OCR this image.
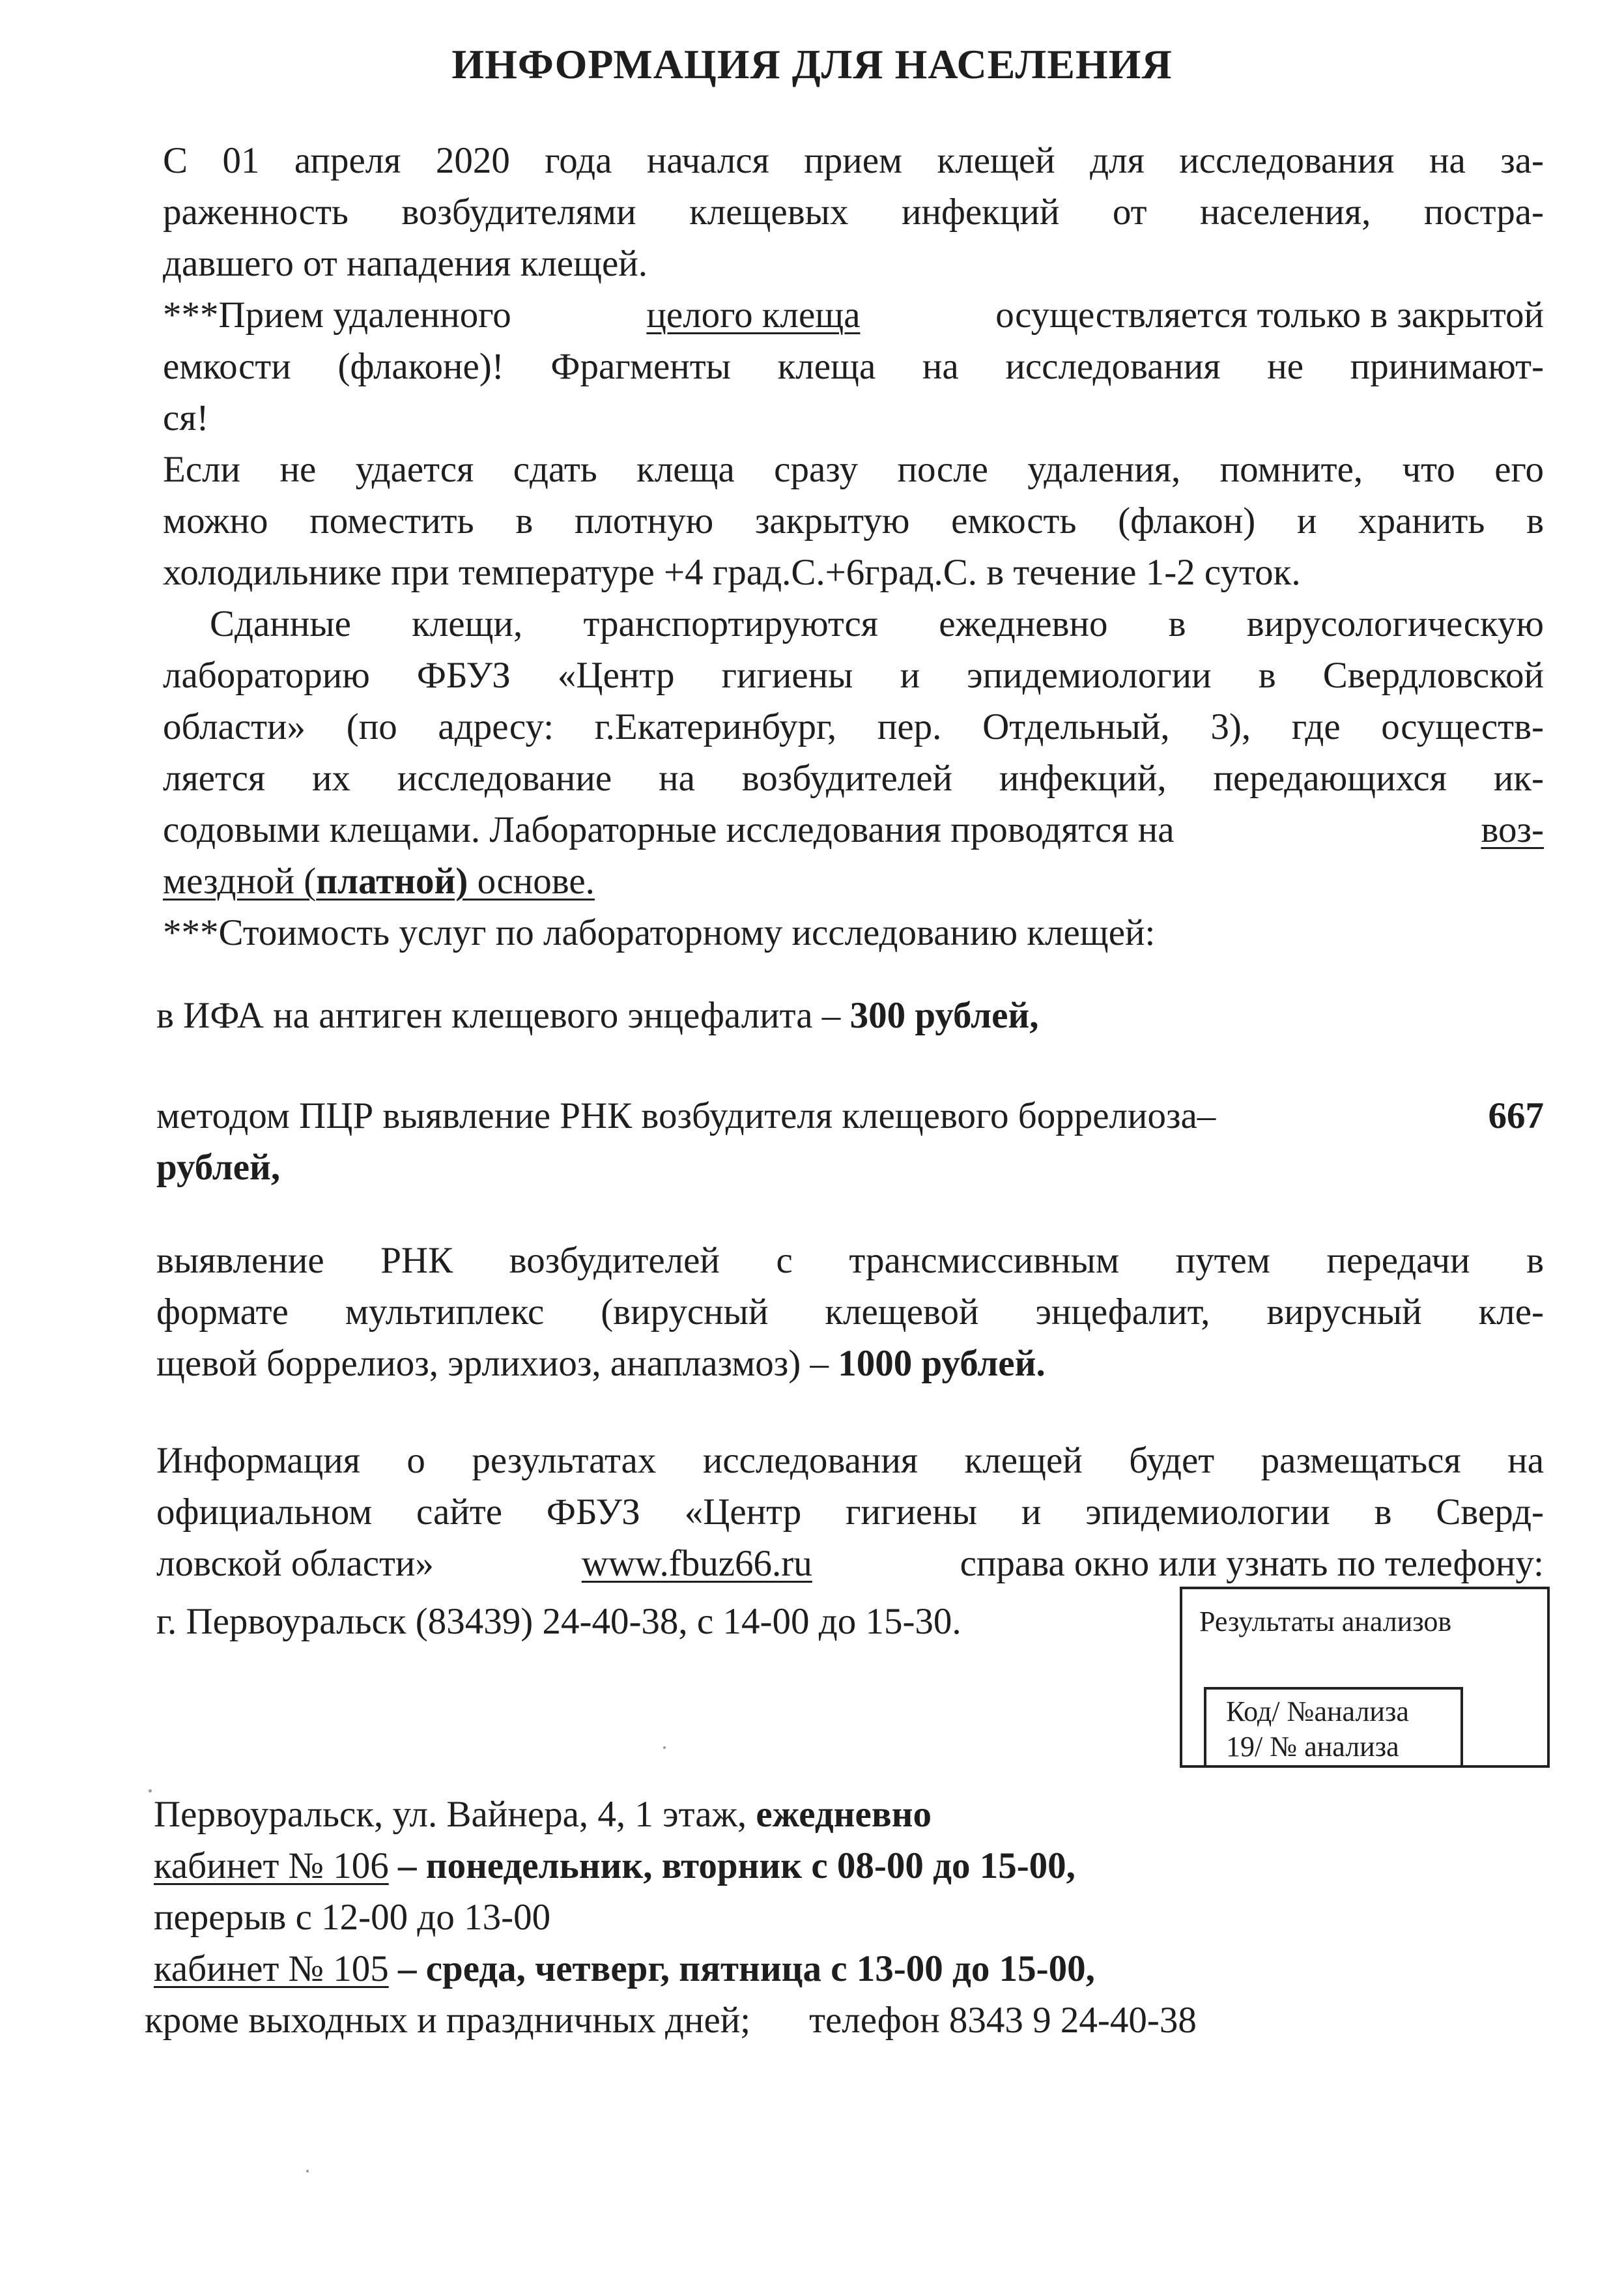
ИНФОРМАЦИЯ ДЛЯ НАСЕЛЕНИЯ
С 01 апреля 2020 года начался прием клещей для исследования на за-
раженность возбудителями клещевых инфекций от населения, постра-
давшего от нападения клещей.
***Прием удаленного	целого клеща	осуществляется только в закрытой
емкости (флаконе)! Фрагменты клеща на исследования не принимают-
ся!
Если не удается сдать клеща сразу после удаления, помните, что его
можно поместить в плотную закрытую емкость (флакон) и хранить в
холодильнике при температуре +4 град.С.+6град.С. в течение 1-2 суток.
Сданные клещи, транспортируются ежедневно в вирусологическую
лабораторию ФБУЗ «Центр гигиены и эпидемиологии в Свердловской
области» (по адресу: г.Екатеринбург, пер. Отдельный, 3), где осуществ-
ляется их исследование на возбудителей инфекций, передающихся ик-
содовыми клещами. Лабораторные исследования проводятся на	воз-
мездной (платной) основе.
***Стоимость услуг по лабораторному исследованию клещей:
в ИФА на антиген клещевого энцефалита – 300 рублей,
методом ПЦР выявление РНК возбудителя клещевого боррелиоза–	667
рублей,
выявление РНК возбудителей с трансмиссивным путем передачи в
формате мультиплекс (вирусный клещевой энцефалит, вирусный кле-
щевой боррелиоз, эрлихиоз, анаплазмоз) – 1000 рублей.
Информация о результатах исследования клещей будет размещаться на
официальном сайте ФБУЗ «Центр гигиены и эпидемиологии в Сверд-
ловской области»	www.fbuz66.ru	справа окно или узнать по телефону:
г. Первоуральск (83439) 24-40-38, с 14-00 до 15-30.	Результаты анализов
Код/ №анализа
19/ № анализа
Первоуральск, ул. Вайнера, 4, 1 этаж, ежедневно
кабинет № 106 – понедельник, вторник с 08-00 до 15-00,
перерыв с 12-00 до 13-00
кабинет № 105 – среда, четверг, пятница с 13-00 до 15-00,
кроме выходных и праздничных дней; телефон 8343 9 24-40-38
